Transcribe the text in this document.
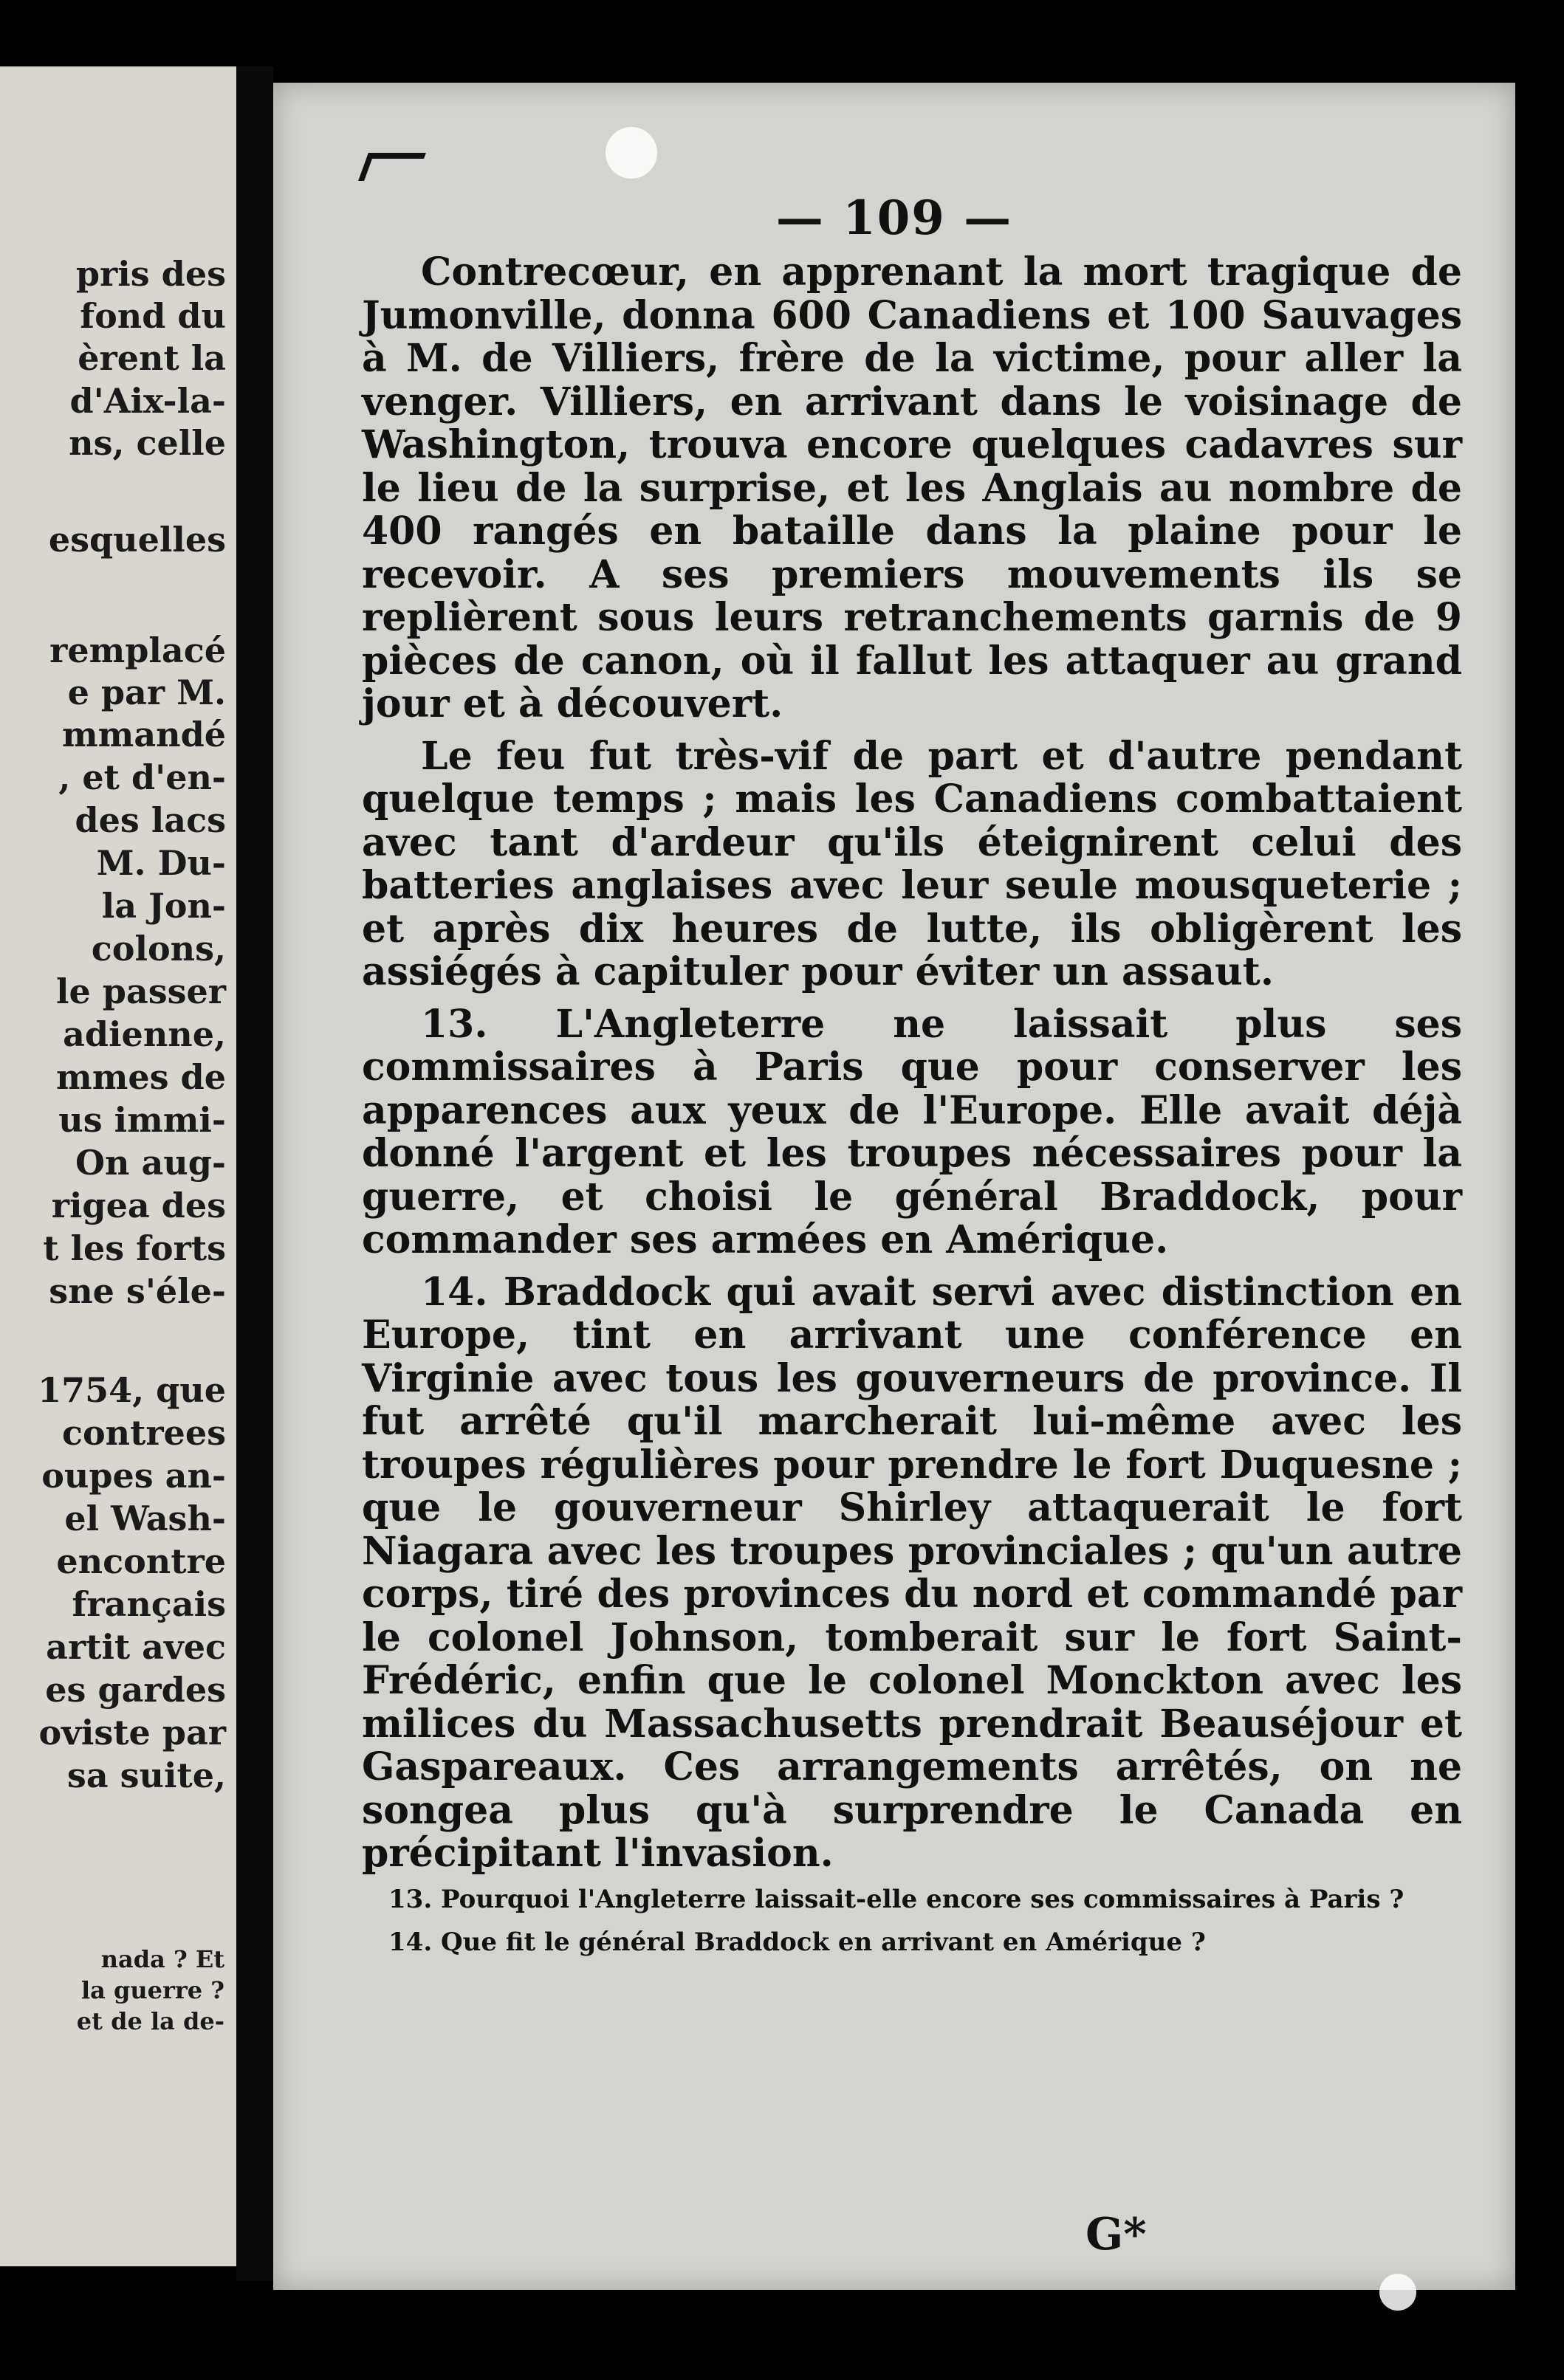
pris des
fond du
èrent la
d'Aix-la-
ns, celle
esquelles
remplacé
e par M.
mmandé
, et d'en-
des lacs
M. Du-
la Jon-
colons,
le passer
adienne,
mmes de
us immi-
On aug-
rigea des
t les forts
sne s'éle-
1754, que
contrees
oupes an-
el Wash-
encontre
français
artit avec
es gardes
oviste par
sa suite,
nada ? Et
la guerre ?
et de la de-
— 109 —

Contrecœur, en apprenant la mort tragique de Jumonville, donna 600 Canadiens et 100 Sauvages à M. de Villiers, frère de la victime, pour aller la venger. Villiers, en arrivant dans le voisinage de Washington, trouva encore quelques cadavres sur le lieu de la surprise, et les Anglais au nombre de 400 rangés en bataille dans la plaine pour le recevoir. A ses premiers mouvements ils se replièrent sous leurs retranchements garnis de 9 pièces de canon, où il fallut les attaquer au grand jour et à découvert.

Le feu fut très-vif de part et d'autre pendant quelque temps ; mais les Canadiens combattaient avec tant d'ardeur qu'ils éteignirent celui des batteries anglaises avec leur seule mousqueterie ; et après dix heures de lutte, ils obligèrent les assiégés à capituler pour éviter un assaut.

13. L'Angleterre ne laissait plus ses commissaires à Paris que pour conserver les apparences aux yeux de l'Europe. Elle avait déjà donné l'argent et les troupes nécessaires pour la guerre, et choisi le général Braddock, pour commander ses armées en Amérique.

14. Braddock qui avait servi avec distinction en Europe, tint en arrivant une conférence en Virginie avec tous les gouverneurs de province. Il fut arrêté qu'il marcherait lui-même avec les troupes régulières pour prendre le fort Duquesne ; que le gouverneur Shirley attaquerait le fort Niagara avec les troupes provinciales ; qu'un autre corps, tiré des provinces du nord et commandé par le colonel Johnson, tomberait sur le fort Saint-Frédéric, enfin que le colonel Monckton avec les milices du Massachusetts prendrait Beauséjour et Gaspareaux. Ces arrangements arrêtés, on ne songea plus qu'à surprendre le Canada en précipitant l'invasion.

13. Pourquoi l'Angleterre laissait-elle encore ses commissaires à Paris ?
14. Que fit le général Braddock en arrivant en Amérique ?
G*
